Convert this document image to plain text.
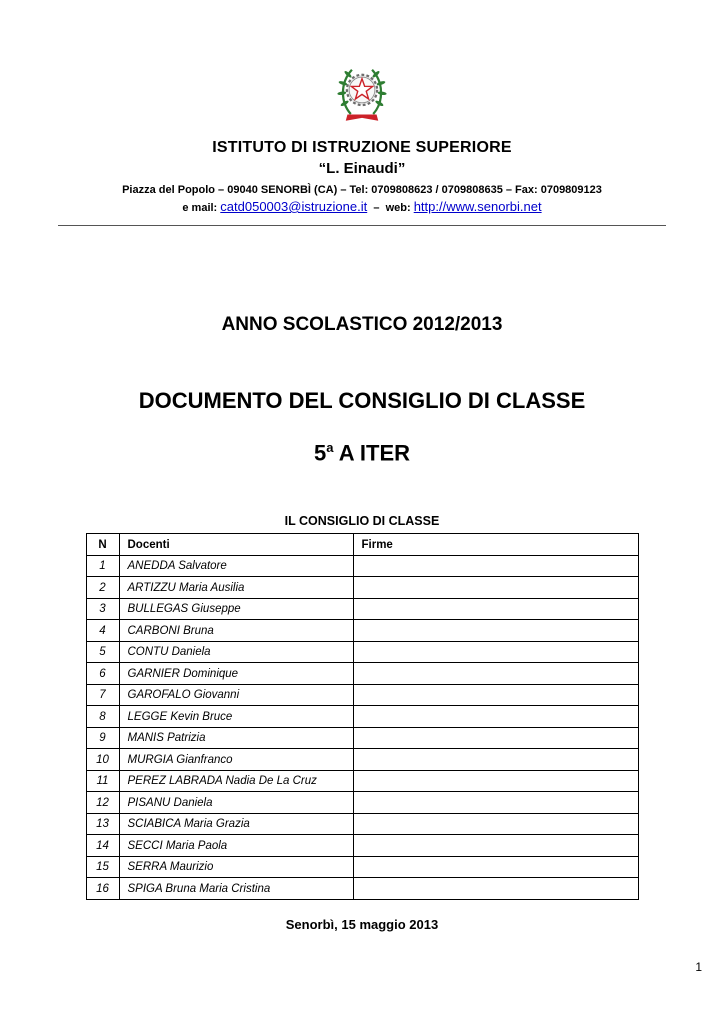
ISTITUTO DI ISTRUZIONE SUPERIORE
“L. Einaudi”
Piazza del Popolo – 09040 SENORBÌ (CA) – Tel: 0709808623 / 0709808635 – Fax: 0709809123
e mail: catd050003@istruzione.it – web: http://www.senorbi.net
ANNO SCOLASTICO 2012/2013
DOCUMENTO DEL CONSIGLIO DI CLASSE
5$^a$ A ITER
IL CONSIGLIO DI CLASSE
N	Docenti	Firme
1	ANEDDA Salvatore	
2	ARTIZZU Maria Ausilia	
3	BULLEGAS Giuseppe	
4	CARBONI Bruna	
5	CONTU Daniela	
6	GARNIER Dominique	
7	GAROFALO Giovanni	
8	LEGGE Kevin Bruce	
9	MANIS Patrizia	
10	MURGIA Gianfranco	
11	PEREZ LABRADA Nadia De La Cruz	
12	PISANU Daniela	
13	SCIABICA Maria Grazia	
14	SECCI Maria Paola	
15	SERRA Maurizio	
16	SPIGA Bruna Maria Cristina	
Senorbì, 15 maggio 2013
1
